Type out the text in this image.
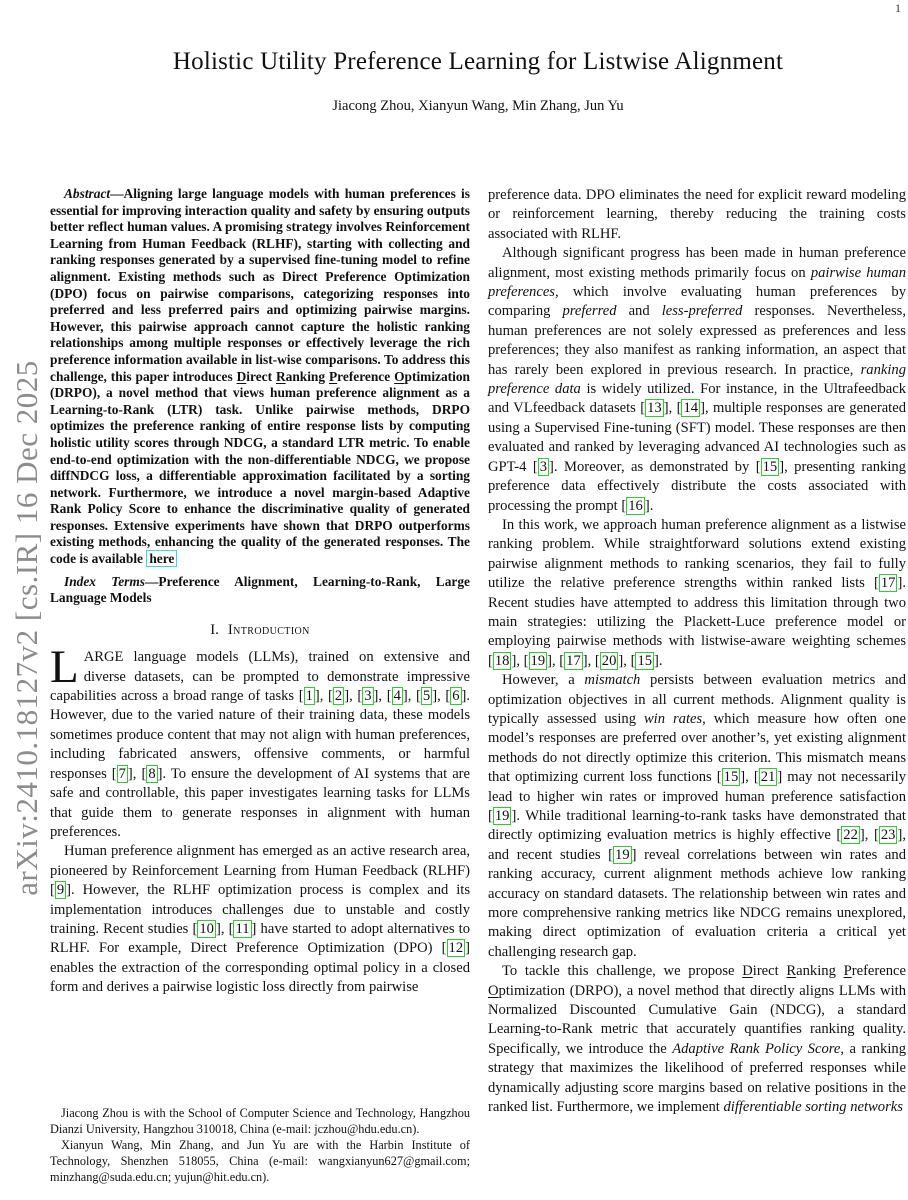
1
arXiv:2410.18127v2 [cs.IR] 16 Dec 2025
Holistic Utility Preference Learning for Listwise Alignment

Jiacong Zhou, Xianyun Wang, Min Zhang, Jun Yu

Abstract—Aligning large language models with human preferences is essential for improving interaction quality and safety by ensuring outputs better reflect human values. A promising strategy involves Reinforcement Learning from Human Feedback (RLHF), starting with collecting and ranking responses generated by a supervised fine-tuning model to refine alignment. Existing methods such as Direct Preference Optimization (DPO) focus on pairwise comparisons, categorizing responses into preferred and less preferred pairs and optimizing pairwise margins. However, this pairwise approach cannot capture the holistic ranking relationships among multiple responses or effectively leverage the rich preference information available in list-wise comparisons. To address this challenge, this paper introduces Direct Ranking Preference Optimization (DRPO), a novel method that views human preference alignment as a Learning-to-Rank (LTR) task. Unlike pairwise methods, DRPO optimizes the preference ranking of entire response lists by computing holistic utility scores through NDCG, a standard LTR metric. To enable end-to-end optimization with the non-differentiable NDCG, we propose diffNDCG loss, a differentiable approximation facilitated by a sorting network. Furthermore, we introduce a novel margin-based Adaptive Rank Policy Score to enhance the discriminative quality of generated responses. Extensive experiments have shown that DRPO outperforms existing methods, enhancing the quality of the generated responses. The code is available here

Index Terms—Preference Alignment, Learning-to-Rank, Large Language Models

I. Introduction

LARGE language models (LLMs), trained on extensive and diverse datasets, can be prompted to demonstrate impressive capabilities across a broad range of tasks [ 1 ], [ 2 ], [ 3 ], [ 4 ], [ 5 ], [ 6 ]. However, due to the varied nature of their training data, these models sometimes produce content that may not align with human preferences, including fabricated answers, offensive comments, or harmful responses [ 7 ], [ 8 ]. To ensure the development of AI systems that are safe and controllable, this paper investigates learning tasks for LLMs that guide them to generate responses in alignment with human preferences.

Human preference alignment has emerged as an active research area, pioneered by Reinforcement Learning from Human Feedback (RLHF) [ 9 ]. However, the RLHF optimization process is complex and its implementation introduces challenges due to unstable and costly training. Recent studies [ 10 ], [ 11 ] have started to adopt alternatives to RLHF. For example, Direct Preference Optimization (DPO) [ 12 ] enables the extraction of the corresponding optimal policy in a closed form and derives a pairwise logistic loss directly from pairwise

preference data. DPO eliminates the need for explicit reward modeling or reinforcement learning, thereby reducing the training costs associated with RLHF.

Although significant progress has been made in human preference alignment, most existing methods primarily focus on pairwise human preferences, which involve evaluating human preferences by comparing preferred and less-preferred responses. Nevertheless, human preferences are not solely expressed as preferences and less preferences; they also manifest as ranking information, an aspect that has rarely been explored in previous research. In practice, ranking preference data is widely utilized. For instance, in the Ultrafeedback and VLfeedback datasets [ 13 ], [ 14 ], multiple responses are generated using a Supervised Fine-tuning (SFT) model. These responses are then evaluated and ranked by leveraging advanced AI technologies such as GPT-4 [ 3 ]. Moreover, as demonstrated by [ 15 ], presenting ranking preference data effectively distribute the costs associated with processing the prompt [ 16 ].

In this work, we approach human preference alignment as a listwise ranking problem. While straightforward solutions extend existing pairwise alignment methods to ranking scenarios, they fail to fully utilize the relative preference strengths within ranked lists [ 17 ]. Recent studies have attempted to address this limitation through two main strategies: utilizing the Plackett-Luce preference model or employing pairwise methods with listwise-aware weighting schemes [ 18 ], [ 19 ], [ 17 ], [ 20 ], [ 15 ].

However, a mismatch persists between evaluation metrics and optimization objectives in all current methods. Alignment quality is typically assessed using win rates, which measure how often one model’s responses are preferred over another’s, yet existing alignment methods do not directly optimize this criterion. This mismatch means that optimizing current loss functions [ 15 ], [ 21 ] may not necessarily lead to higher win rates or improved human preference satisfaction [ 19 ]. While traditional learning-to-rank tasks have demonstrated that directly optimizing evaluation metrics is highly effective [ 22 ], [ 23 ], and recent studies [ 19 ] reveal correlations between win rates and ranking accuracy, current alignment methods achieve low ranking accuracy on standard datasets. The relationship between win rates and more comprehensive ranking metrics like NDCG remains unexplored, making direct optimization of evaluation criteria a critical yet challenging research gap.

To tackle this challenge, we propose Direct Ranking Preference Optimization (DRPO), a novel method that directly aligns LLMs with Normalized Discounted Cumulative Gain (NDCG), a standard Learning-to-Rank metric that accurately quantifies ranking quality. Specifically, we introduce the Adaptive Rank Policy Score, a ranking strategy that maximizes the likelihood of preferred responses while dynamically adjusting score margins based on relative positions in the ranked list. Furthermore, we implement differentiable sorting networks

Jiacong Zhou is with the School of Computer Science and Technology, Hangzhou Dianzi University, Hangzhou 310018, China (e-mail: jczhou@hdu.edu.cn).

Xianyun Wang, Min Zhang, and Jun Yu are with the Harbin Institute of Technology, Shenzhen 518055, China (e-mail: wangxianyun627@gmail.com; minzhang@suda.edu.cn; yujun@hit.edu.cn).
